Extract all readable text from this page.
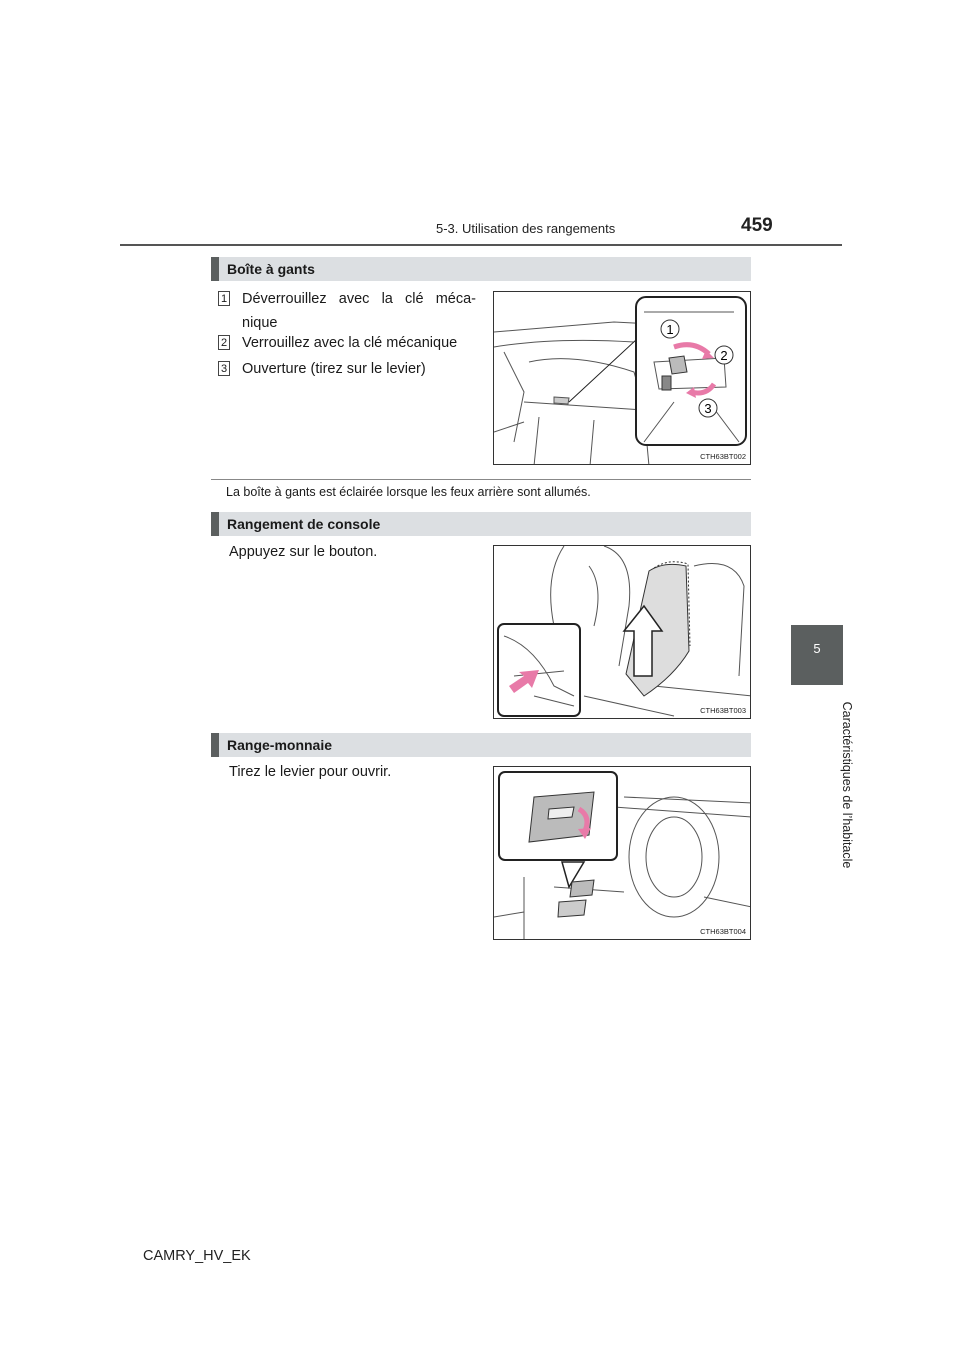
5-3. Utilisation des rangements	459
5
Caractéristiques de l’habitacle
Boîte à gants
1	Déverrouillez avec la clé méca-nique
2	Verrouillez avec la clé mécanique
3	Ouverture (tirez sur le levier)
1
2
3
CTH63BT002
La boîte à gants est éclairée lorsque les feux arrière sont allumés.
Rangement de console
Appuyez sur le bouton.
CTH63BT003
Range-monnaie
Tirez le levier pour ouvrir.
CTH63BT004
CAMRY_HV_EK
